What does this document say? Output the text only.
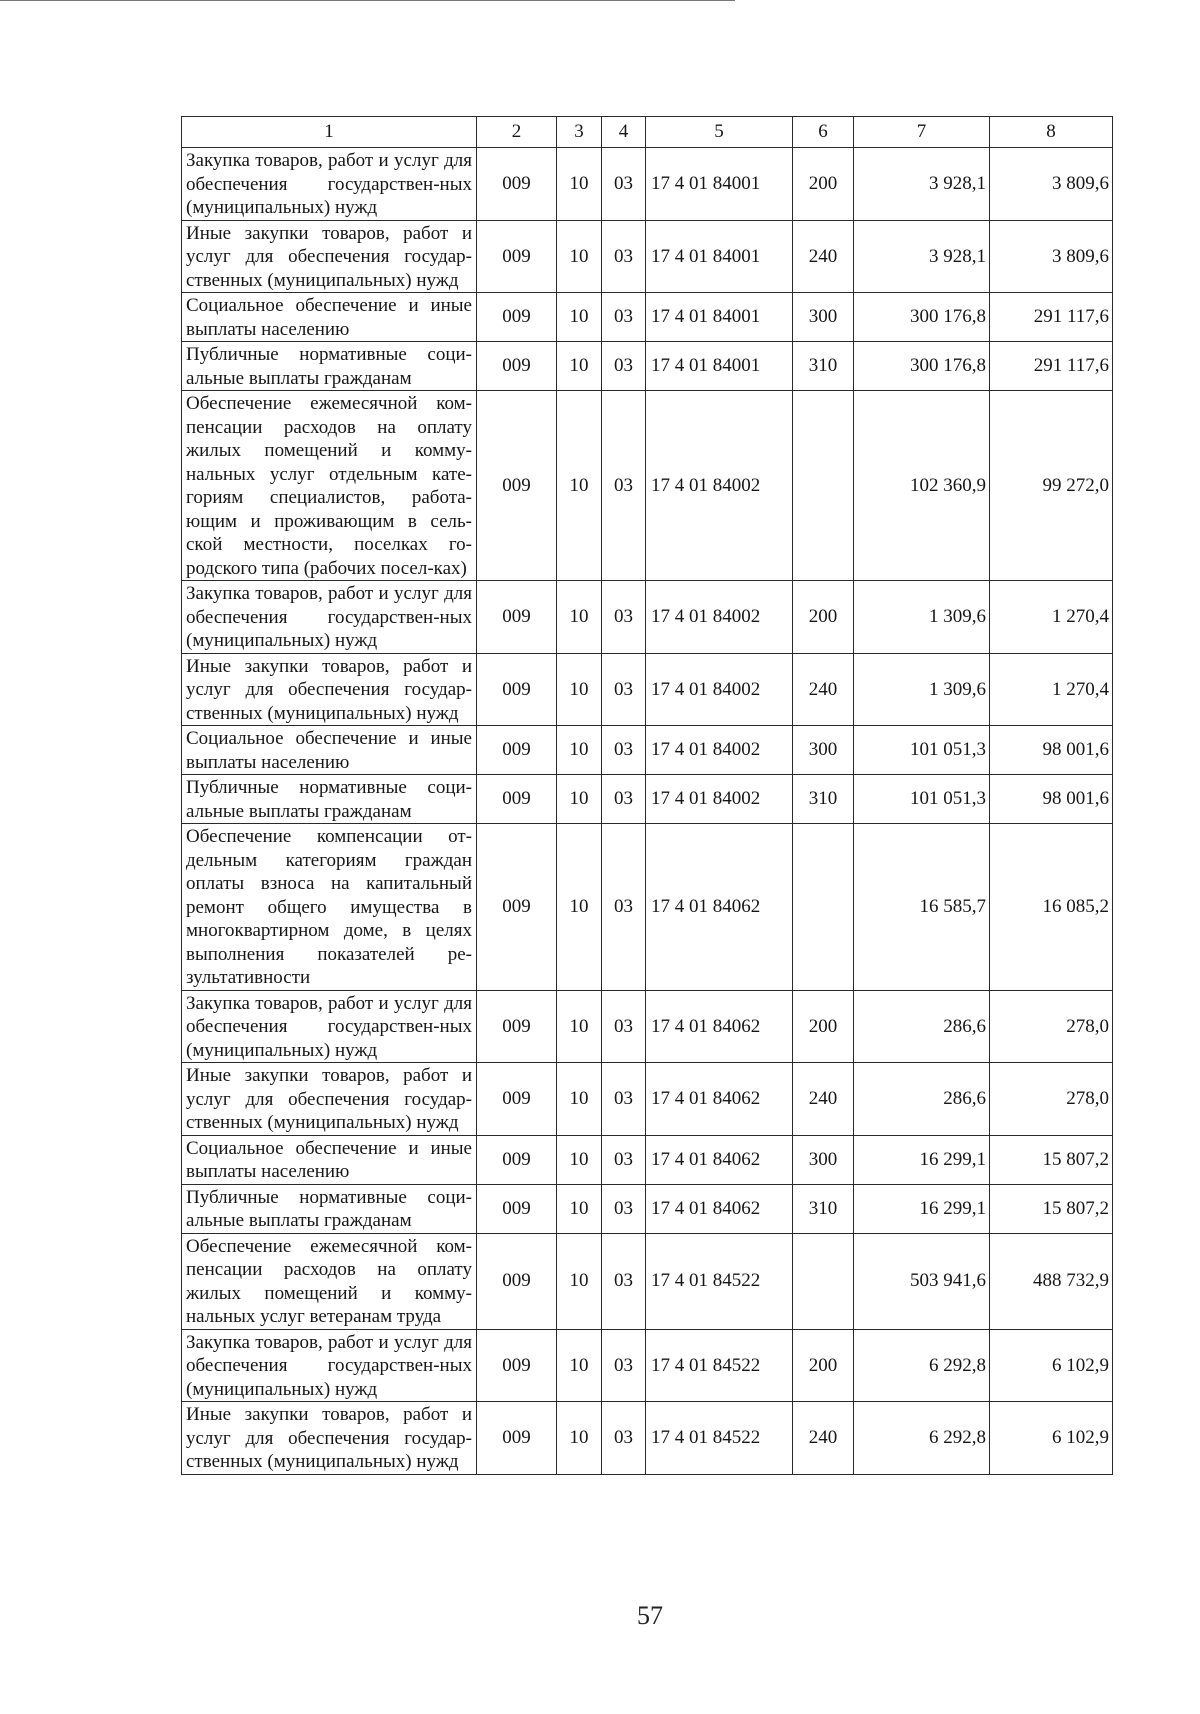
1	2	3	4	5	6	7	8
Закупка товаров, работ и услуг для обеспечения государствен-ных (муниципальных) нужд	009	10	03	17 4 01 84001	200	3 928,1	3 809,6
Иные закупки товаров, работ и услуг для обеспечения государ-ственных (муниципальных) нужд	009	10	03	17 4 01 84001	240	3 928,1	3 809,6
Социальное обеспечение и иные выплаты населению	009	10	03	17 4 01 84001	300	300 176,8	291 117,6
Публичные нормативные соци-альные выплаты гражданам	009	10	03	17 4 01 84001	310	300 176,8	291 117,6
Обеспечение ежемесячной ком-пенсации расходов на оплату жилых помещений и комму-нальных услуг отдельным кате-гориям специалистов, работа-ющим и проживающим в сель-ской местности, поселках го-родского типа (рабочих посел-ках)	009	10	03	17 4 01 84002		102 360,9	99 272,0
Закупка товаров, работ и услуг для обеспечения государствен-ных (муниципальных) нужд	009	10	03	17 4 01 84002	200	1 309,6	1 270,4
Иные закупки товаров, работ и услуг для обеспечения государ-ственных (муниципальных) нужд	009	10	03	17 4 01 84002	240	1 309,6	1 270,4
Социальное обеспечение и иные выплаты населению	009	10	03	17 4 01 84002	300	101 051,3	98 001,6
Публичные нормативные соци-альные выплаты гражданам	009	10	03	17 4 01 84002	310	101 051,3	98 001,6
Обеспечение компенсации от-дельным категориям граждан оплаты взноса на капитальный ремонт общего имущества в многоквартирном доме, в целях выполнения показателей ре-зультативности	009	10	03	17 4 01 84062		16 585,7	16 085,2
Закупка товаров, работ и услуг для обеспечения государствен-ных (муниципальных) нужд	009	10	03	17 4 01 84062	200	286,6	278,0
Иные закупки товаров, работ и услуг для обеспечения государ-ственных (муниципальных) нужд	009	10	03	17 4 01 84062	240	286,6	278,0
Социальное обеспечение и иные выплаты населению	009	10	03	17 4 01 84062	300	16 299,1	15 807,2
Публичные нормативные соци-альные выплаты гражданам	009	10	03	17 4 01 84062	310	16 299,1	15 807,2
Обеспечение ежемесячной ком-пенсации расходов на оплату жилых помещений и комму-нальных услуг ветеранам труда	009	10	03	17 4 01 84522		503 941,6	488 732,9
Закупка товаров, работ и услуг для обеспечения государствен-ных (муниципальных) нужд	009	10	03	17 4 01 84522	200	6 292,8	6 102,9
Иные закупки товаров, работ и услуг для обеспечения государ-ственных (муниципальных) нужд	009	10	03	17 4 01 84522	240	6 292,8	6 102,9
57
